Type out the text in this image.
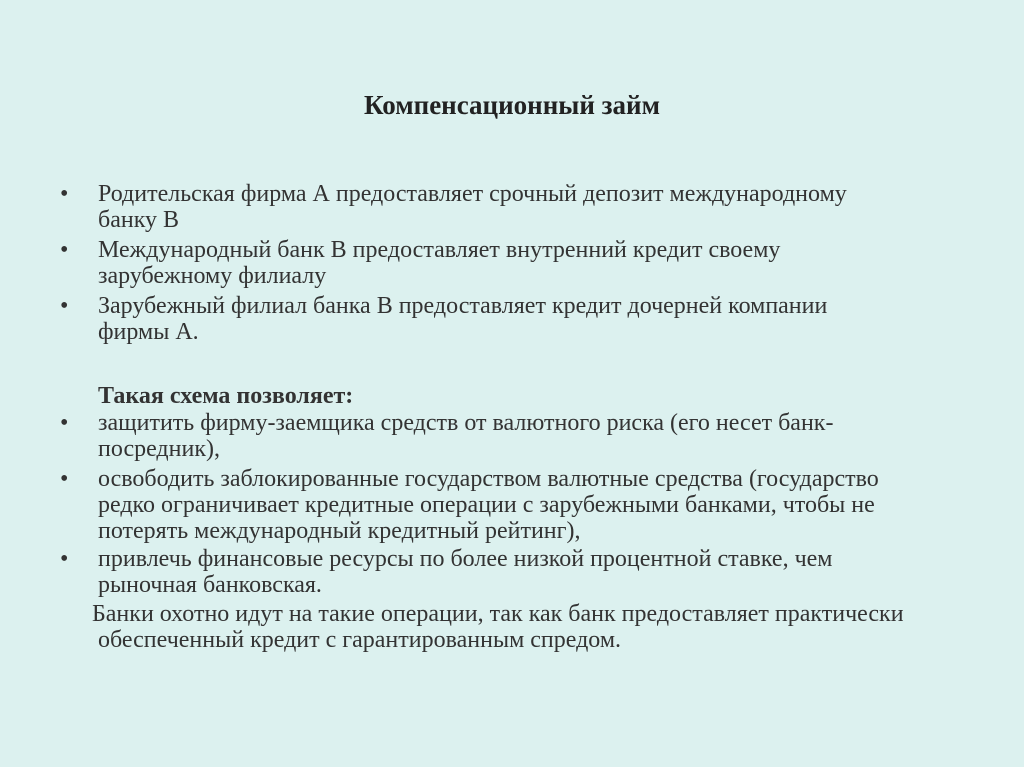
Компенсационный займ
•	Родительская фирма А предоставляет срочный депозит международному
банку В
•	Международный банк В предоставляет внутренний кредит своему
зарубежному филиалу
•	Зарубежный филиал банка В предоставляет кредит дочерней компании
фирмы А.
Такая схема позволяет:
•	защитить фирму-заемщика средств от валютного риска (его несет банк-
посредник),
•	освободить заблокированные государством валютные средства (государство
редко ограничивает кредитные операции с зарубежными банками, чтобы не
потерять международный кредитный рейтинг),
•	привлечь финансовые ресурсы по более низкой процентной ставке, чем
рыночная банковская.
Банки охотно идут на такие операции, так как банк предоставляет практически
обеспеченный кредит с гарантированным спредом.
